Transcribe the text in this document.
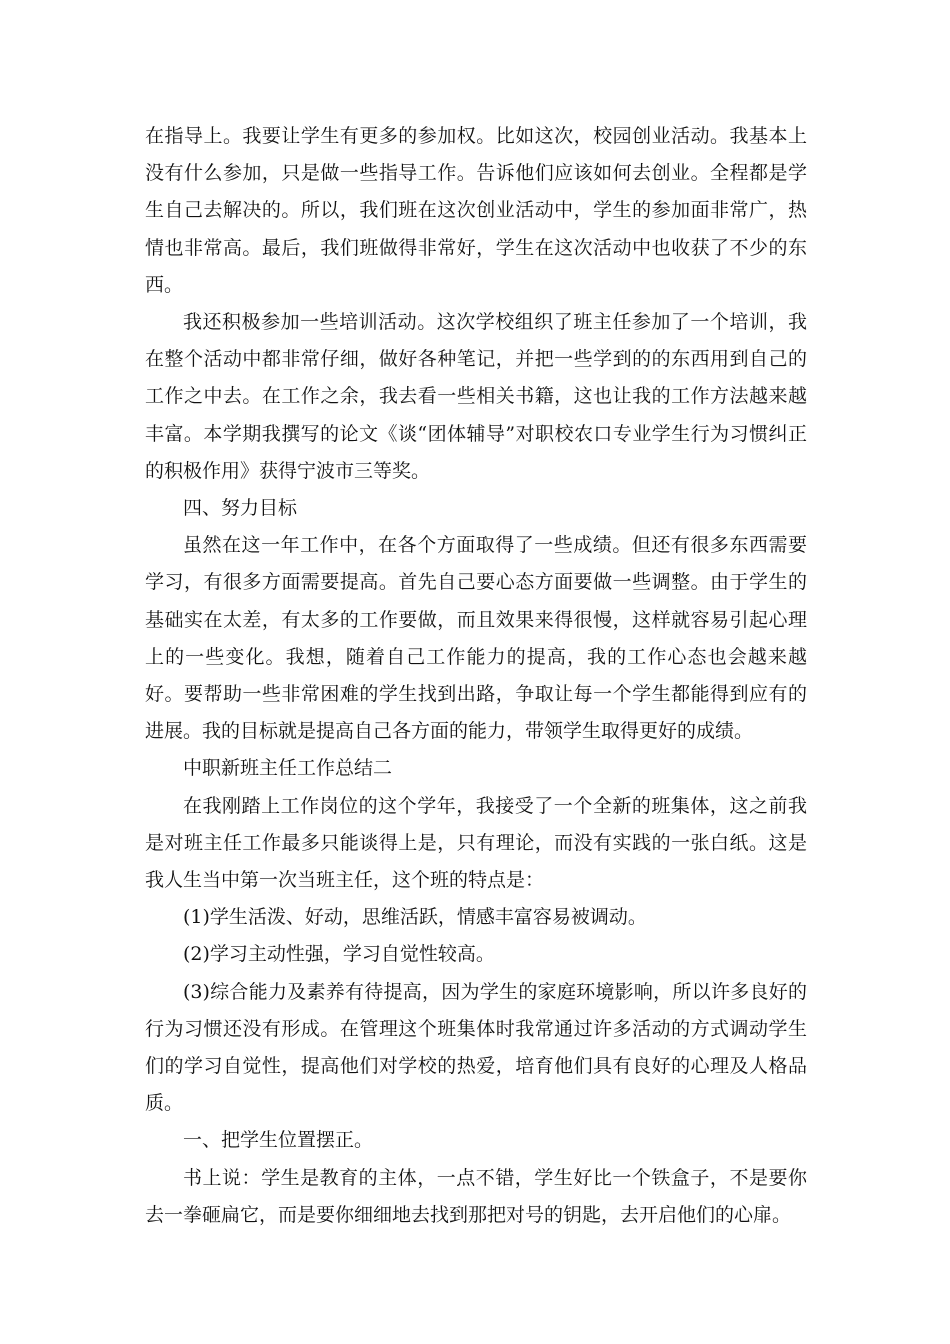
在指导上。我要让学生有更多的参加权。比如这次，校园创业活动。我基本上没有什么参加，只是做一些指导工作。告诉他们应该如何去创业。全程都是学生自己去解决的。所以，我们班在这次创业活动中，学生的参加面非常广，热情也非常高。最后，我们班做得非常好，学生在这次活动中也收获了不少的东西。

我还积极参加一些培训活动。这次学校组织了班主任参加了一个培训，我在整个活动中都非常仔细，做好各种笔记，并把一些学到的的东西用到自己的工作之中去。在工作之余，我去看一些相关书籍，这也让我的工作方法越来越丰富。本学期我撰写的论文《谈“团体辅导”对职校农口专业学生行为习惯纠正的积极作用》获得宁波市三等奖。

四、努力目标

虽然在这一年工作中，在各个方面取得了一些成绩。但还有很多东西需要学习，有很多方面需要提高。首先自己要心态方面要做一些调整。由于学生的基础实在太差，有太多的工作要做，而且效果来得很慢，这样就容易引起心理上的一些变化。我想，随着自己工作能力的提高，我的工作心态也会越来越好。要帮助一些非常困难的学生找到出路，争取让每一个学生都能得到应有的进展。我的目标就是提高自己各方面的能力，带领学生取得更好的成绩。

中职新班主任工作总结二

在我刚踏上工作岗位的这个学年，我接受了一个全新的班集体，这之前我是对班主任工作最多只能谈得上是，只有理论，而没有实践的一张白纸。这是我人生当中第一次当班主任，这个班的特点是：

(1)学生活泼、好动，思维活跃，情感丰富容易被调动。

(2)学习主动性强，学习自觉性较高。

(3)综合能力及素养有待提高，因为学生的家庭环境影响，所以许多良好的行为习惯还没有形成。在管理这个班集体时我常通过许多活动的方式调动学生们的学习自觉性，提高他们对学校的热爱，培育他们具有良好的心理及人格品质。

一、把学生位置摆正。

书上说：学生是教育的主体，一点不错，学生好比一个铁盒子，不是要你去一拳砸扁它，而是要你细细地去找到那把对号的钥匙，去开启他们的心扉。
